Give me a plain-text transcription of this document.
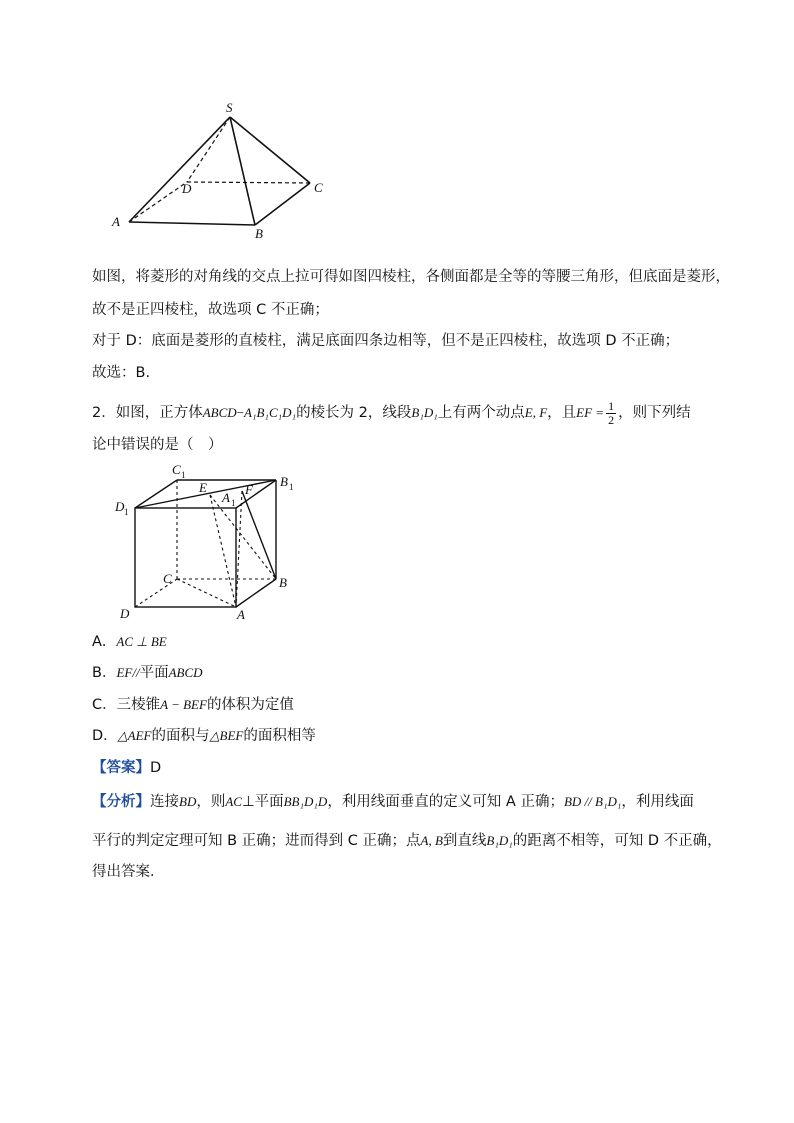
S
A
B
C
D
如图，将菱形的对角线的交点上拉可得如图四棱柱，各侧面都是全等的等腰三角形，但底面是菱形，
故不是正四棱柱，故选项 C 不正确；
对于 D：底面是菱形的直棱柱，满足底面四条边相等，但不是正四棱柱，故选项 D 不正确；
故选：B.
2．如图，正方体ABCD−A₁B₁C₁D₁的棱长为 2，线段B₁D₁上有两个动点E, F，且EF = $\frac{1}{2}$ ，则下列结
论中错误的是（　）
C 1	B 1
D 1
E
A 1
F
C	B
D	A
A．AC ⊥ BE
B．EF//平面ABCD
C．三棱锥A − BEF的体积为定值
D．△AEF的面积与△BEF的面积相等
【答案】D
【分析】连接BD，则AC⊥平面BB₁D₁D，利用线面垂直的定义可知 A 正确；BD // B₁D₁，利用线面
平行的判定定理可知 B 正确；进而得到 C 正确；点A, B到直线B₁D₁的距离不相等，可知 D 不正确，
得出答案．
